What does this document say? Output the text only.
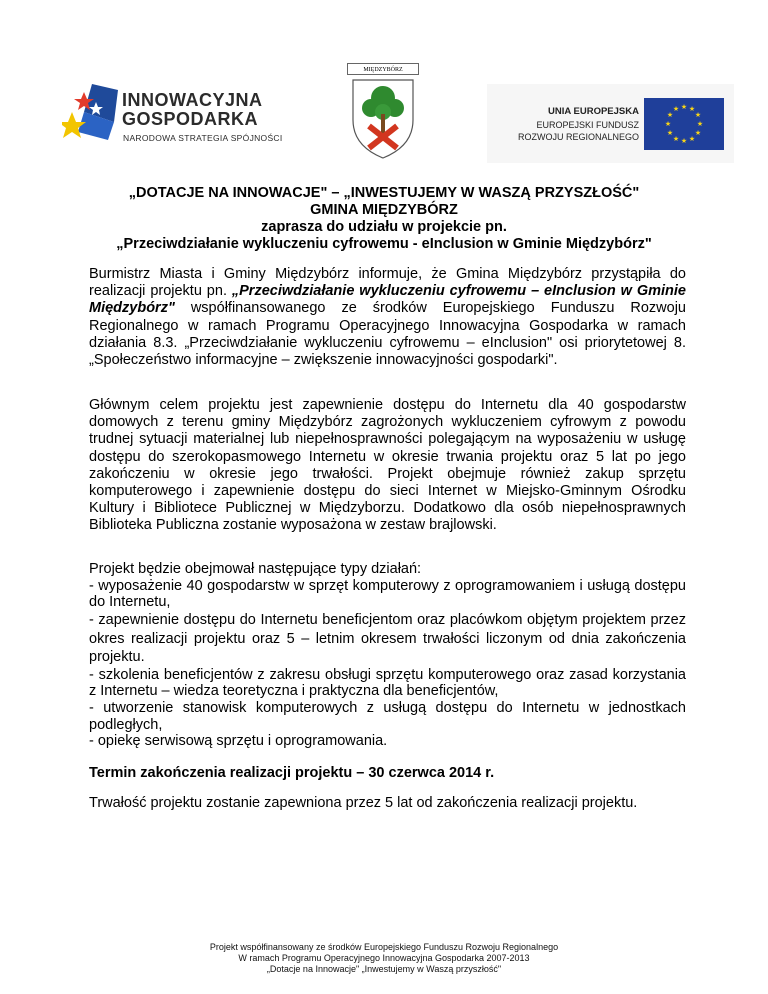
INNOWACYJNA
GOSPODARKA
NARODOWA STRATEGIA SPÓJNOŚCI
MIĘDZYBÓRZ
UNIA EUROPEJSKA
EUROPEJSKI FUNDUSZ
ROZWOJU REGIONALNEGO
★ ★
★
★
★
★
★
★
★
★
★
★
„DOTACJE NA INNOWACJE" – „INWESTUJEMY W WASZĄ PRZYSZŁOŚĆ"
GMINA MIĘDZYBÓRZ
zaprasza do udziału w projekcie pn.
„Przeciwdziałanie wykluczeniu cyfrowemu - eInclusion w Gminie Międzybórz"
Burmistrz Miasta i Gminy Międzybórz informuje, że Gmina Międzybórz przystąpiła do realizacji projektu pn. „Przeciwdziałanie wykluczeniu cyfrowemu – eInclusion w Gminie Międzybórz" współfinansowanego ze środków Europejskiego Funduszu Rozwoju Regionalnego w ramach Programu Operacyjnego Innowacyjna Gospodarka w ramach działania 8.3. „Przeciwdziałanie wykluczeniu cyfrowemu – eInclusion" osi priorytetowej 8. „Społeczeństwo informacyjne – zwiększenie innowacyjności gospodarki".
Głównym celem projektu jest zapewnienie dostępu do Internetu dla 40 gospodarstw domowych z terenu gminy Międzybórz zagrożonych wykluczeniem cyfrowym z powodu trudnej sytuacji materialnej lub niepełnosprawności polegającym na wyposażeniu w usługę dostępu do szerokopasmowego Internetu w okresie trwania projektu oraz 5 lat po jego zakończeniu w okresie jego trwałości. Projekt obejmuje również zakup sprzętu komputerowego i zapewnienie dostępu do sieci Internet w Miejsko-Gminnym Ośrodku Kultury i Bibliotece Publicznej w Międzyborzu. Dodatkowo dla osób niepełnosprawnych Biblioteka Publiczna zostanie wyposażona w zestaw brajlowski.
Projekt będzie obejmował następujące typy działań:
- wyposażenie 40 gospodarstw w sprzęt komputerowy z oprogramowaniem i usługą dostępu do Internetu,
- zapewnienie dostępu do Internetu beneficjentom oraz placówkom objętym projektem przez okres realizacji projektu oraz 5 – letnim okresem trwałości liczonym od dnia zakończenia projektu.
- szkolenia beneficjentów z zakresu obsługi sprzętu komputerowego oraz zasad korzystania z Internetu – wiedza teoretyczna i praktyczna dla beneficjentów,
- utworzenie stanowisk komputerowych z usługą dostępu do Internetu w jednostkach podległych,
- opiekę serwisową sprzętu i oprogramowania.
Termin zakończenia realizacji projektu – 30 czerwca 2014 r.
Trwałość projektu zostanie zapewniona przez 5 lat od zakończenia realizacji projektu.
Projekt współfinansowany ze środków Europejskiego Funduszu Rozwoju Regionalnego
W ramach Programu Operacyjnego Innowacyjna Gospodarka 2007-2013
„Dotacje na Innowacje" „Inwestujemy w Waszą przyszłość"
